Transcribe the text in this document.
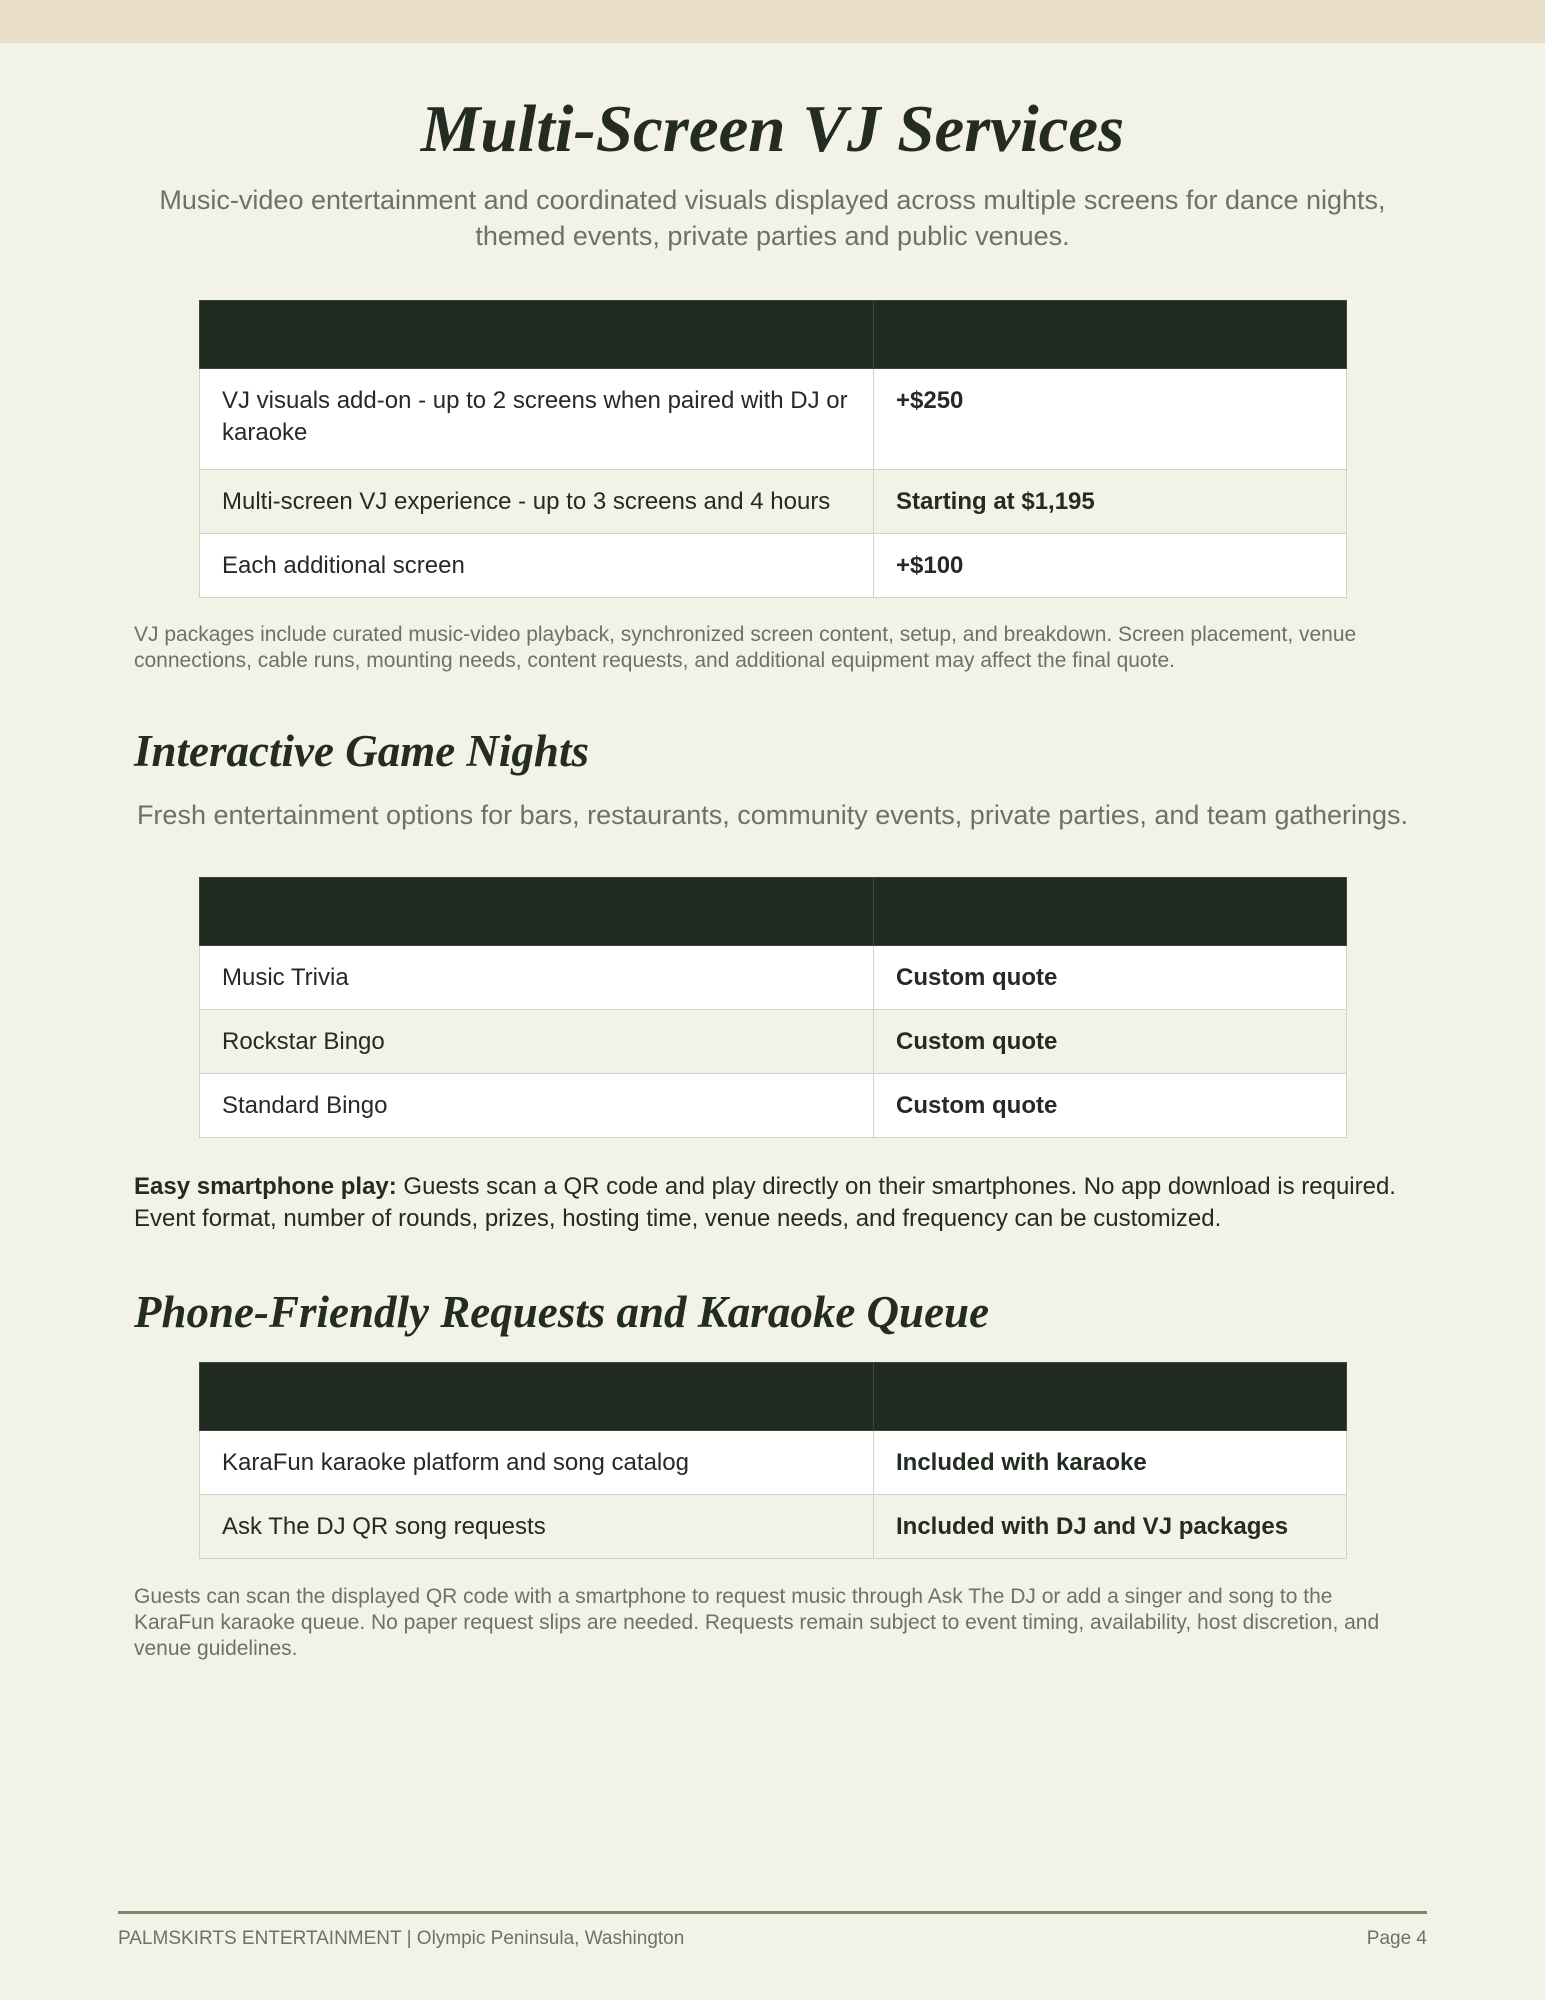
Multi-Screen VJ Services

Music-video entertainment and coordinated visuals displayed across multiple screens for dance nights, themed events, private parties and public venues.

VJ visuals add-on - up to 2 screens when paired with DJ or karaoke	+$250
Multi-screen VJ experience - up to 3 screens and 4 hours	Starting at $1,195
Each additional screen	+$100

VJ packages include curated music-video playback, synchronized screen content, setup, and breakdown. Screen placement, venue connections, cable runs, mounting needs, content requests, and additional equipment may affect the final quote.

Interactive Game Nights

Fresh entertainment options for bars, restaurants, community events, private parties, and team gatherings.

Music Trivia	Custom quote
Rockstar Bingo	Custom quote
Standard Bingo	Custom quote

Easy smartphone play: Guests scan a QR code and play directly on their smartphones. No app download is required. Event format, number of rounds, prizes, hosting time, venue needs, and frequency can be customized.

Phone-Friendly Requests and Karaoke Queue

KaraFun karaoke platform and song catalog	Included with karaoke
Ask The DJ QR song requests	Included with DJ and VJ packages

Guests can scan the displayed QR code with a smartphone to request music through Ask The DJ or add a singer and song to the KaraFun karaoke queue. No paper request slips are needed. Requests remain subject to event timing, availability, host discretion, and venue guidelines.

PALMSKIRTS ENTERTAINMENT | Olympic Peninsula, Washington	Page 4
